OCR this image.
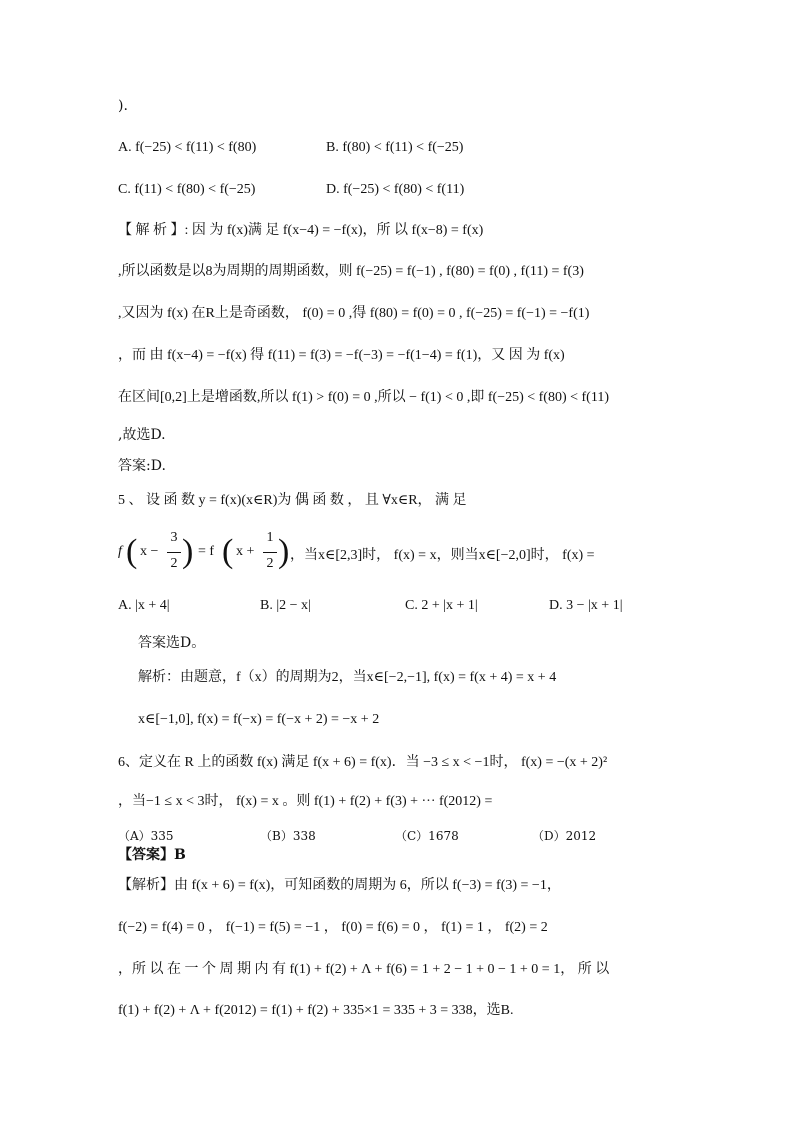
).
A. f(−25) < f(11) < f(80)	B. f(80) < f(11) < f(−25)
C. f(11) < f(80) < f(−25)	D. f(−25) < f(80) < f(11)
【 解 析 】: 因 为 f(x)满 足 f(x−4) = −f(x)，所 以 f(x−8) = f(x)
,所以函数是以8为周期的周期函数，则 f(−25) = f(−1) , f(80) = f(0) , f(11) = f(3)
,又因为 f(x) 在R上是奇函数， f(0) = 0 ,得 f(80) = f(0) = 0 , f(−25) = f(−1) = −f(1)
，而 由 f(x−4) = −f(x) 得 f(11) = f(3) = −f(−3) = −f(1−4) = f(1)，又 因 为 f(x)
在区间[0,2]上是增函数,所以 f(1) > f(0) = 0 ,所以 − f(1) < 0 ,即 f(−25) < f(80) < f(11)
,故选D.
答案:D.
5 、 设 函 数 y = f(x)(x∈R)为 偶 函 数 ， 且 ∀x∈R， 满 足
f ( x −
3
2 ) = f ( x +
1
2 ) ，当x∈[2,3]时， f(x) = x，则当x∈[−2,0]时， f(x) =
A. |x + 4|	B. |2 − x|	C. 2 + |x + 1|	D. 3 − |x + 1|
答案选D。
解析：由题意，f（x）的周期为2，当x∈[−2,−1], f(x) = f(x + 4) = x + 4
x∈[−1,0], f(x) = f(−x) = f(−x + 2) = −x + 2
6、定义在 R 上的函数 f(x) 满足 f(x + 6) = f(x)．当 −3 ≤ x < −1时， f(x) = −(x + 2)²
，当−1 ≤ x < 3时， f(x) = x 。则 f(1) + f(2) + f(3) + ··· f(2012) =
（A）335	（B）338	（C）1678	（D）2012
【答案】B
【解析】由 f(x + 6) = f(x)，可知函数的周期为 6，所以 f(−3) = f(3) = −1，
f(−2) = f(4) = 0 ， f(−1) = f(5) = −1 ， f(0) = f(6) = 0 ， f(1) = 1 ， f(2) = 2
，所 以 在 一 个 周 期 内 有 f(1) + f(2) + Λ + f(6) = 1 + 2 − 1 + 0 − 1 + 0 = 1， 所 以
f(1) + f(2) + Λ + f(2012) = f(1) + f(2) + 335×1 = 335 + 3 = 338，选B.
